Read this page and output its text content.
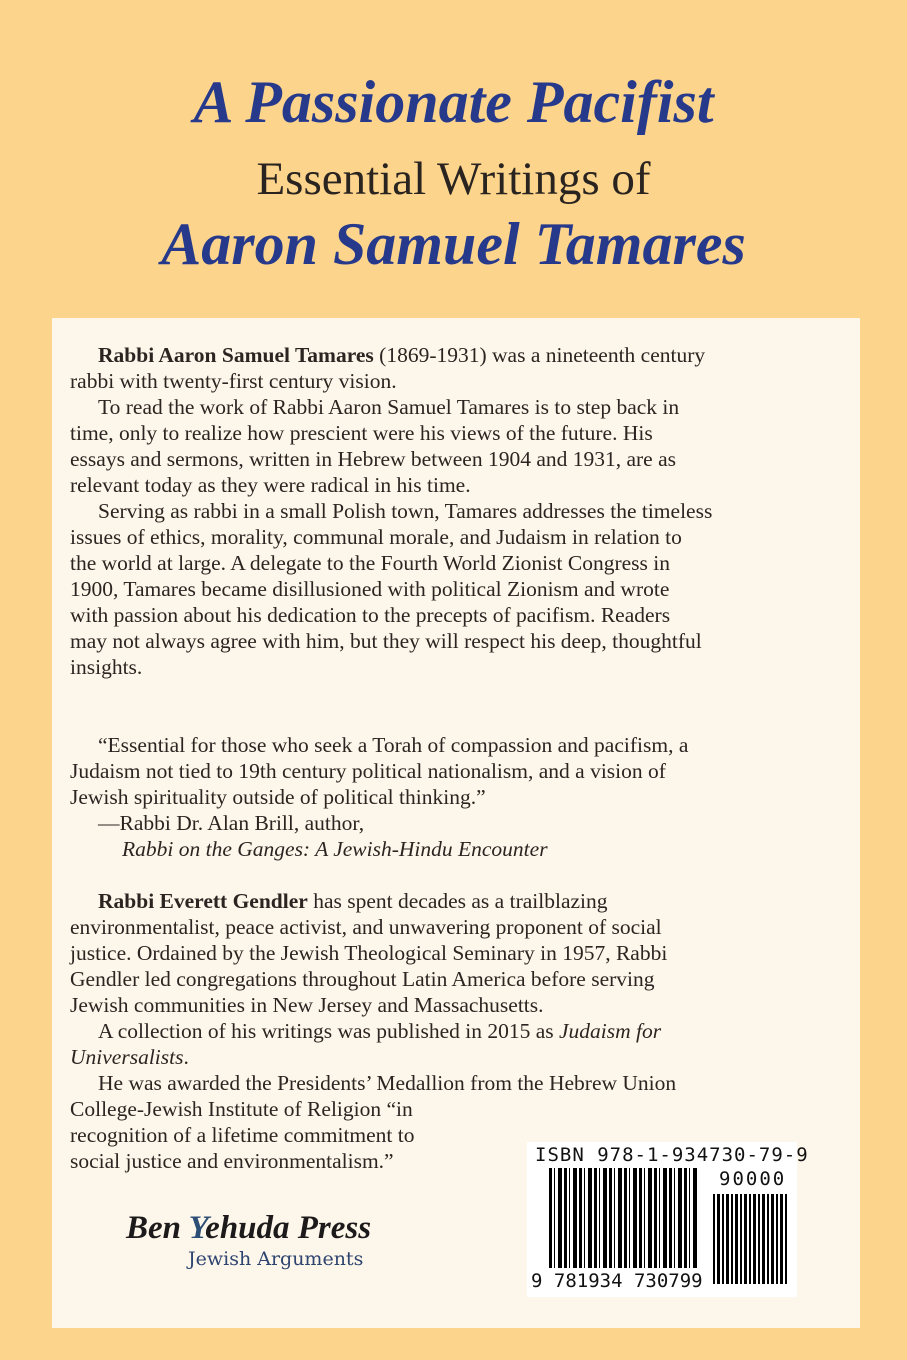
A Passionate Pacifist
Essential Writings of
Aaron Samuel Tamares
Rabbi Aaron Samuel Tamares (1869-1931) was a nineteenth century
rabbi with twenty-first century vision.
To read the work of Rabbi Aaron Samuel Tamares is to step back in
time, only to realize how prescient were his views of the future. His
essays and sermons, written in Hebrew between 1904 and 1931, are as
relevant today as they were radical in his time.
Serving as rabbi in a small Polish town, Tamares addresses the timeless
issues of ethics, morality, communal morale, and Judaism in relation to
the world at large. A delegate to the Fourth World Zionist Congress in
1900, Tamares became disillusioned with political Zionism and wrote
with passion about his dedication to the precepts of pacifism. Readers
may not always agree with him, but they will respect his deep, thoughtful
insights.
“Essential for those who seek a Torah of compassion and pacifism, a
Judaism not tied to 19th century political nationalism, and a vision of
Jewish spirituality outside of political thinking.”
—Rabbi Dr. Alan Brill, author,
Rabbi on the Ganges: A Jewish-Hindu Encounter
Rabbi Everett Gendler has spent decades as a trailblazing
environmentalist, peace activist, and unwavering proponent of social
justice. Ordained by the Jewish Theological Seminary in 1957, Rabbi
Gendler led congregations throughout Latin America before serving
Jewish communities in New Jersey and Massachusetts.
A collection of his writings was published in 2015 as Judaism for
Universalists.
He was awarded the Presidents’ Medallion from the Hebrew Union
College-Jewish Institute of Religion “in
recognition of a lifetime commitment to
social justice and environmentalism.”	ISBN 978-1-934730-79-9
90000
9 781934 730799
Ben Yehuda Press
Jewish Arguments
